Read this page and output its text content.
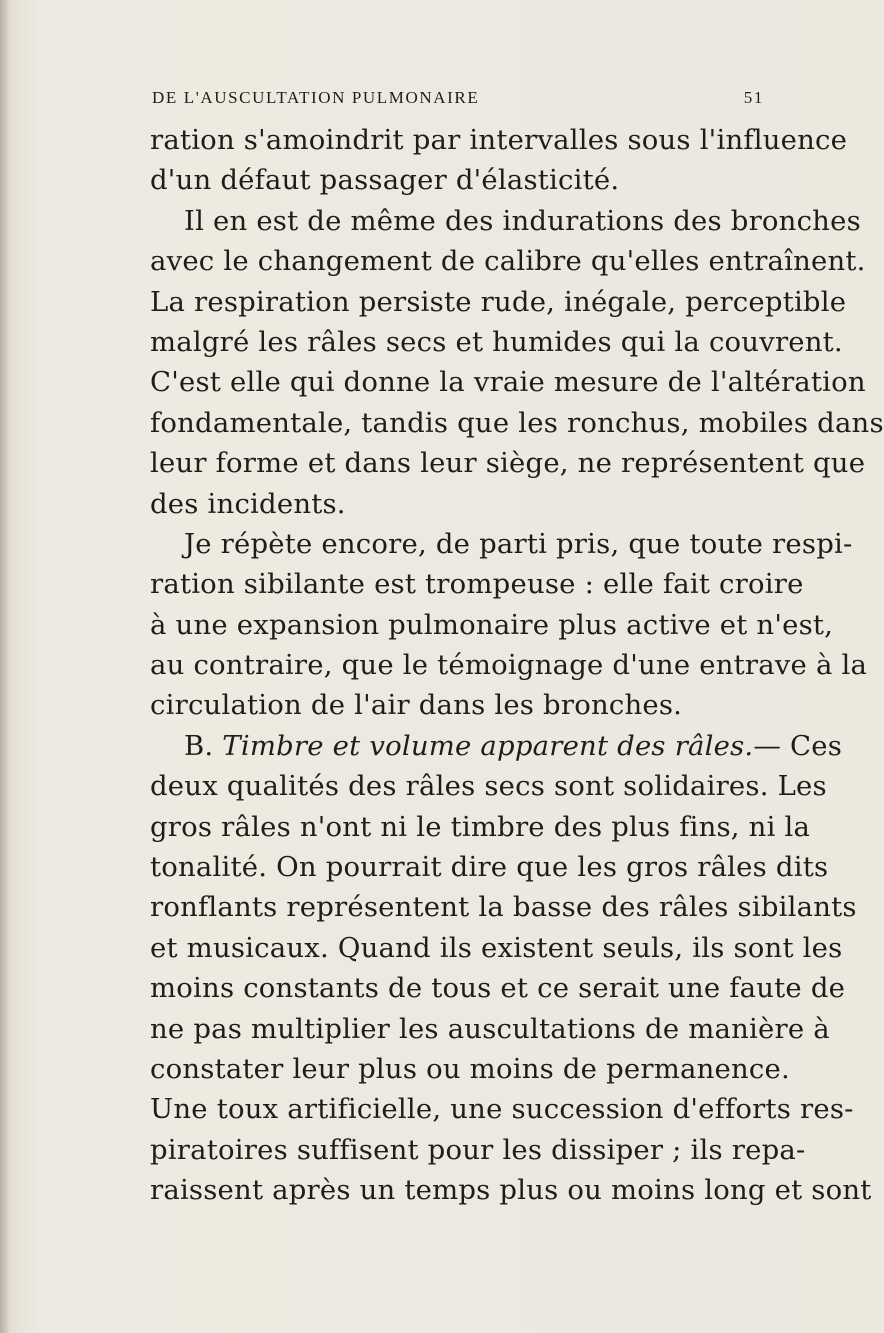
DE L'AUSCULTATION PULMONAIRE	51
ration s'amoindrit par intervalles sous l'influence
d'un défaut passager d'élasticité.
Il en est de même des indurations des bronches
avec le changement de calibre qu'elles entraînent.
La respiration persiste rude, inégale, perceptible
malgré les râles secs et humides qui la couvrent.
C'est elle qui donne la vraie mesure de l'altération
fondamentale, tandis que les ronchus, mobiles dans
leur forme et dans leur siège, ne représentent que
des incidents.
Je répète encore, de parti pris, que toute respi-
ration sibilante est trompeuse : elle fait croire
à une expansion pulmonaire plus active et n'est,
au contraire, que le témoignage d'une entrave à la
circulation de l'air dans les bronches.
B. Timbre et volume apparent des râles. — Ces
deux qualités des râles secs sont solidaires. Les
gros râles n'ont ni le timbre des plus fins, ni la
tonalité. On pourrait dire que les gros râles dits
ronflants représentent la basse des râles sibilants
et musicaux. Quand ils existent seuls, ils sont les
moins constants de tous et ce serait une faute de
ne pas multiplier les auscultations de manière à
constater leur plus ou moins de permanence.
Une toux artificielle, une succession d'efforts res-
piratoires suffisent pour les dissiper ; ils repa-
raissent après un temps plus ou moins long et sont
